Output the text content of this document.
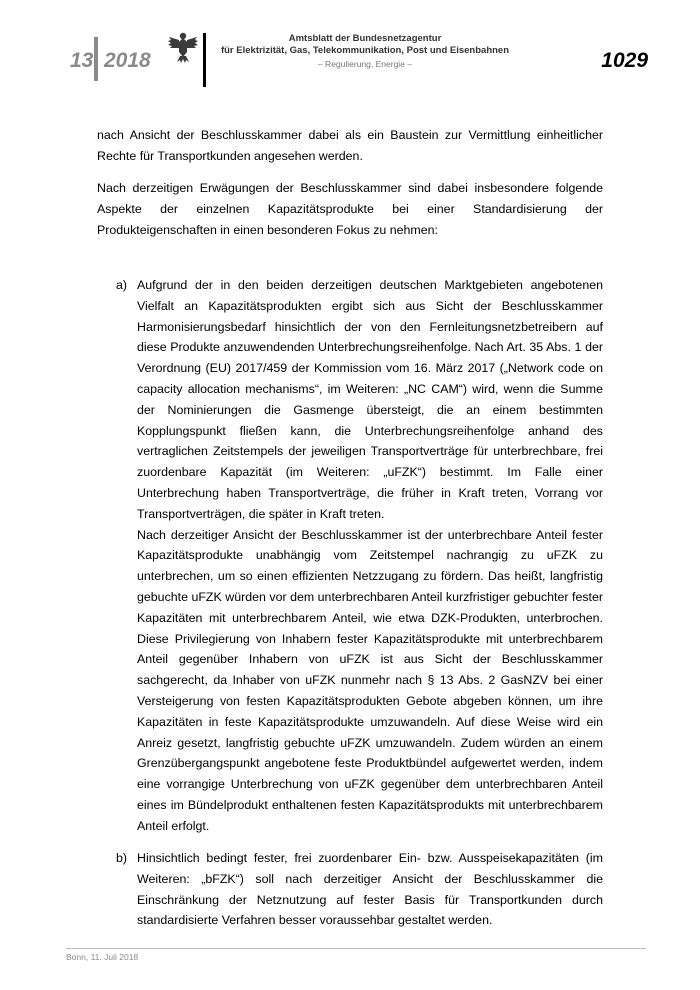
13 2018
Amtsblatt der Bundesnetzagentur
für Elektrizität, Gas, Telekommunikation, Post und Eisenbahnen
– Regulierung, Energie –	1029
nach Ansicht der Beschlusskammer dabei als ein Baustein zur Vermittlung einheitlicher Rechte für Transportkunden angesehen werden.
Nach derzeitigen Erwägungen der Beschlusskammer sind dabei insbesondere folgende Aspekte der einzelnen Kapazitätsprodukte bei einer Standardisierung der Produkteigenschaften in einen besonderen Fokus zu nehmen:
a) Aufgrund der in den beiden derzeitigen deutschen Marktgebieten angebotenen Vielfalt an Kapazitätsprodukten ergibt sich aus Sicht der Beschlusskammer Harmonisierungsbedarf hinsichtlich der von den Fernleitungsnetzbetreibern auf diese Produkte anzuwendenden Unterbrechungsreihenfolge. Nach Art. 35 Abs. 1 der Verordnung (EU) 2017/459 der Kommission vom 16. März 2017 („Network code on capacity allocation mechanisms“, im Weiteren: „NC CAM“) wird, wenn die Summe der Nominierungen die Gasmenge übersteigt, die an einem bestimmten Kopplungspunkt fließen kann, die Unterbrechungsreihenfolge anhand des vertraglichen Zeitstempels der jeweiligen Transportverträge für unterbrechbare, frei zuordenbare Kapazität (im Weiteren: „uFZK“) bestimmt. Im Falle einer Unterbrechung haben Transportverträge, die früher in Kraft treten, Vorrang vor Transportverträgen, die später in Kraft treten.
Nach derzeitiger Ansicht der Beschlusskammer ist der unterbrechbare Anteil fester Kapazitätsprodukte unabhängig vom Zeitstempel nachrangig zu uFZK zu unterbrechen, um so einen effizienten Netzzugang zu fördern. Das heißt, langfristig gebuchte uFZK würden vor dem unterbrechbaren Anteil kurzfristiger gebuchter fester Kapazitäten mit unterbrechbarem Anteil, wie etwa DZK-Produkten, unterbrochen. Diese Privilegierung von Inhabern fester Kapazitätsprodukte mit unterbrechbarem Anteil gegenüber Inhabern von uFZK ist aus Sicht der Beschlusskammer sachgerecht, da Inhaber von uFZK nunmehr nach § 13 Abs. 2 GasNZV bei einer Versteigerung von festen Kapazitätsprodukten Gebote abgeben können, um ihre Kapazitäten in feste Kapazitätsprodukte umzuwandeln. Auf diese Weise wird ein Anreiz gesetzt, langfristig gebuchte uFZK umzuwandeln. Zudem würden an einem Grenzübergangspunkt angebotene feste Produktbündel aufgewertet werden, indem eine vorrangige Unterbrechung von uFZK gegenüber dem unterbrechbaren Anteil eines im Bündelprodukt enthaltenen festen Kapazitätsprodukts mit unterbrechbarem Anteil erfolgt.
b) Hinsichtlich bedingt fester, frei zuordenbarer Ein- bzw. Ausspeisekapazitäten (im Weiteren: „bFZK“) soll nach derzeitiger Ansicht der Beschlusskammer die Einschränkung der Netznutzung auf fester Basis für Transportkunden durch standardisierte Verfahren besser voraussehbar gestaltet werden.
Bonn, 11. Juli 2018
